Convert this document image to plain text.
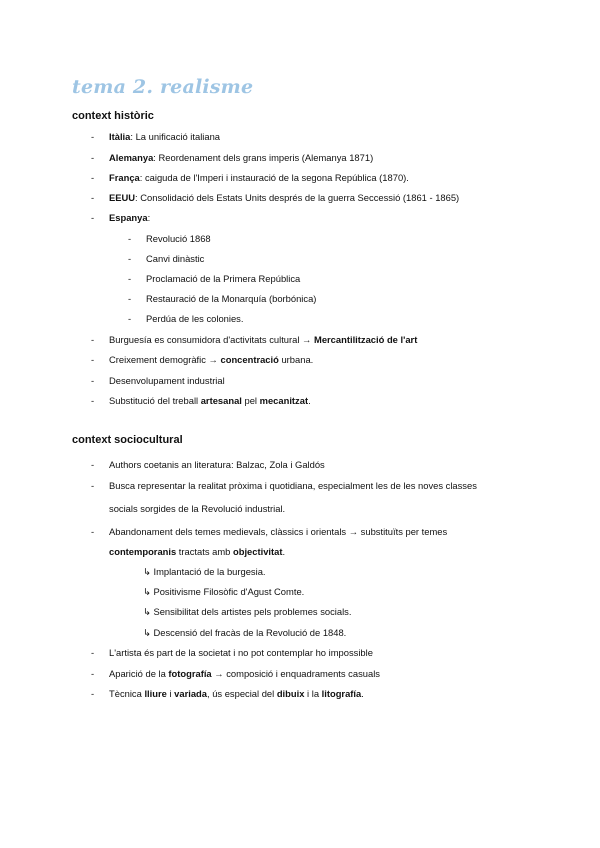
tema 2. realisme
context històric
- Itàlia: La unificació italiana
- Alemanya: Reordenament dels grans imperis (Alemanya 1871)
- França: caiguda de l'Imperi i instauració de la segona República (1870).
- EEUU: Consolidació dels Estats Units després de la guerra Seccessió (1861 - 1865)
- Espanya:
- Revolució 1868
- Canvi dinàstic
- Proclamació de la Primera República
- Restauració de la Monarquía (borbónica)
- Perdúa de les colonies.
- Burguesía es consumidora d'activitats cultural → Mercantilització de l'art
- Creixement demogràfic → concentració urbana.
- Desenvolupament industrial
- Substitució del treball artesanal pel mecanitzat.
context sociocultural
- Authors coetanis an literatura: Balzac, Zola i Galdós
- Busca representar la realitat pròxima i quotidiana, especialment les de les noves classes
socials sorgides de la Revolució industrial.
- Abandonament dels temes medievals, clàssics i orientals → substituïts per temes
contemporanis tractats amb objectivitat.
↳ Implantació de la burgesia.
↳ Positivisme Filosòfic d'Agust Comte.
↳ Sensibilitat dels artistes pels problemes socials.
↳ Descensió del fracàs de la Revolució de 1848.
- L'artista és part de la societat i no pot contemplar ho impossible
- Aparició de la fotografía → composició i enquadraments casuals
- Tècnica lliure i variada, ús especial del dibuix i la litografía.
